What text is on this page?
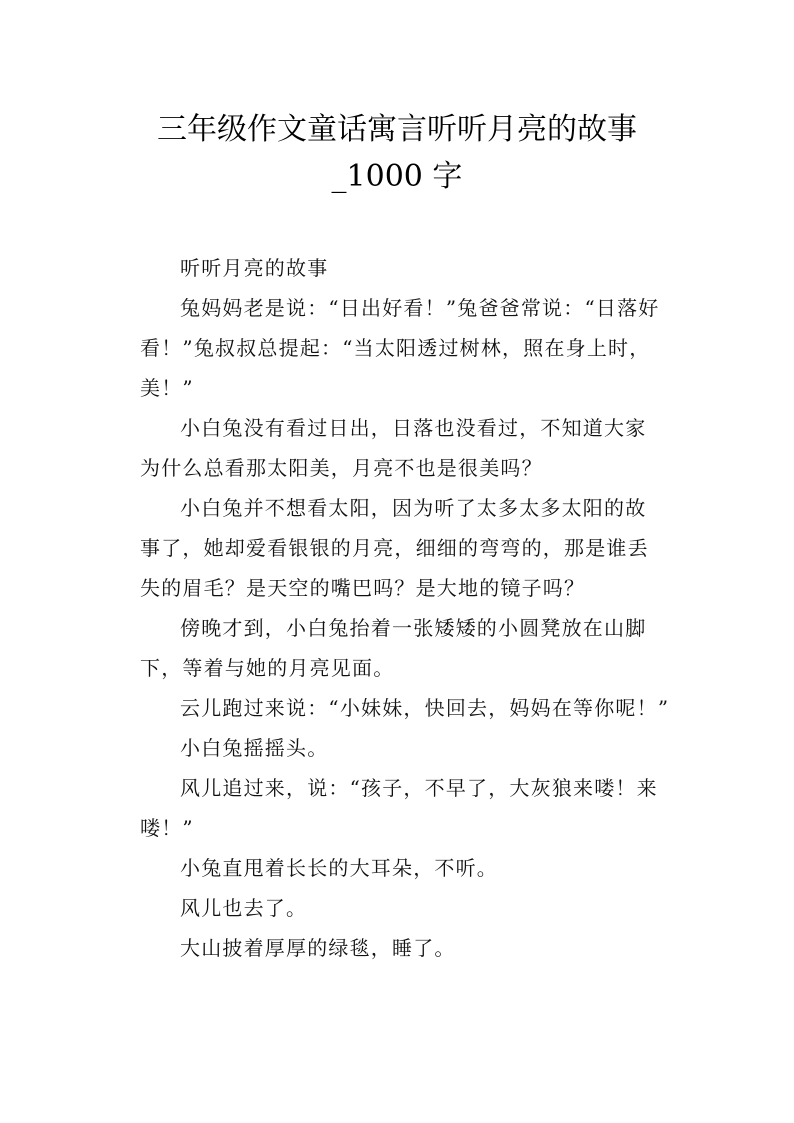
三年级作文童话寓言听听月亮的故事
_1000 字

听听月亮的故事

兔妈妈老是说：“日出好看！”兔爸爸常说：“日落好
看！”兔叔叔总提起：“当太阳透过树林，照在身上时，
美！”

小白兔没有看过日出，日落也没看过，不知道大家
为什么总看那太阳美，月亮不也是很美吗？

小白兔并不想看太阳，因为听了太多太多太阳的故
事了，她却爱看银银的月亮，细细的弯弯的，那是谁丢
失的眉毛？是天空的嘴巴吗？是大地的镜子吗？

傍晚才到，小白兔抬着一张矮矮的小圆凳放在山脚
下，等着与她的月亮见面。

云儿跑过来说：“小妹妹，快回去，妈妈在等你呢！”

小白兔摇摇头。

风儿追过来，说：“孩子，不早了，大灰狼来喽！来
喽！”

小兔直甩着长长的大耳朵，不听。

风儿也去了。

大山披着厚厚的绿毯，睡了。
